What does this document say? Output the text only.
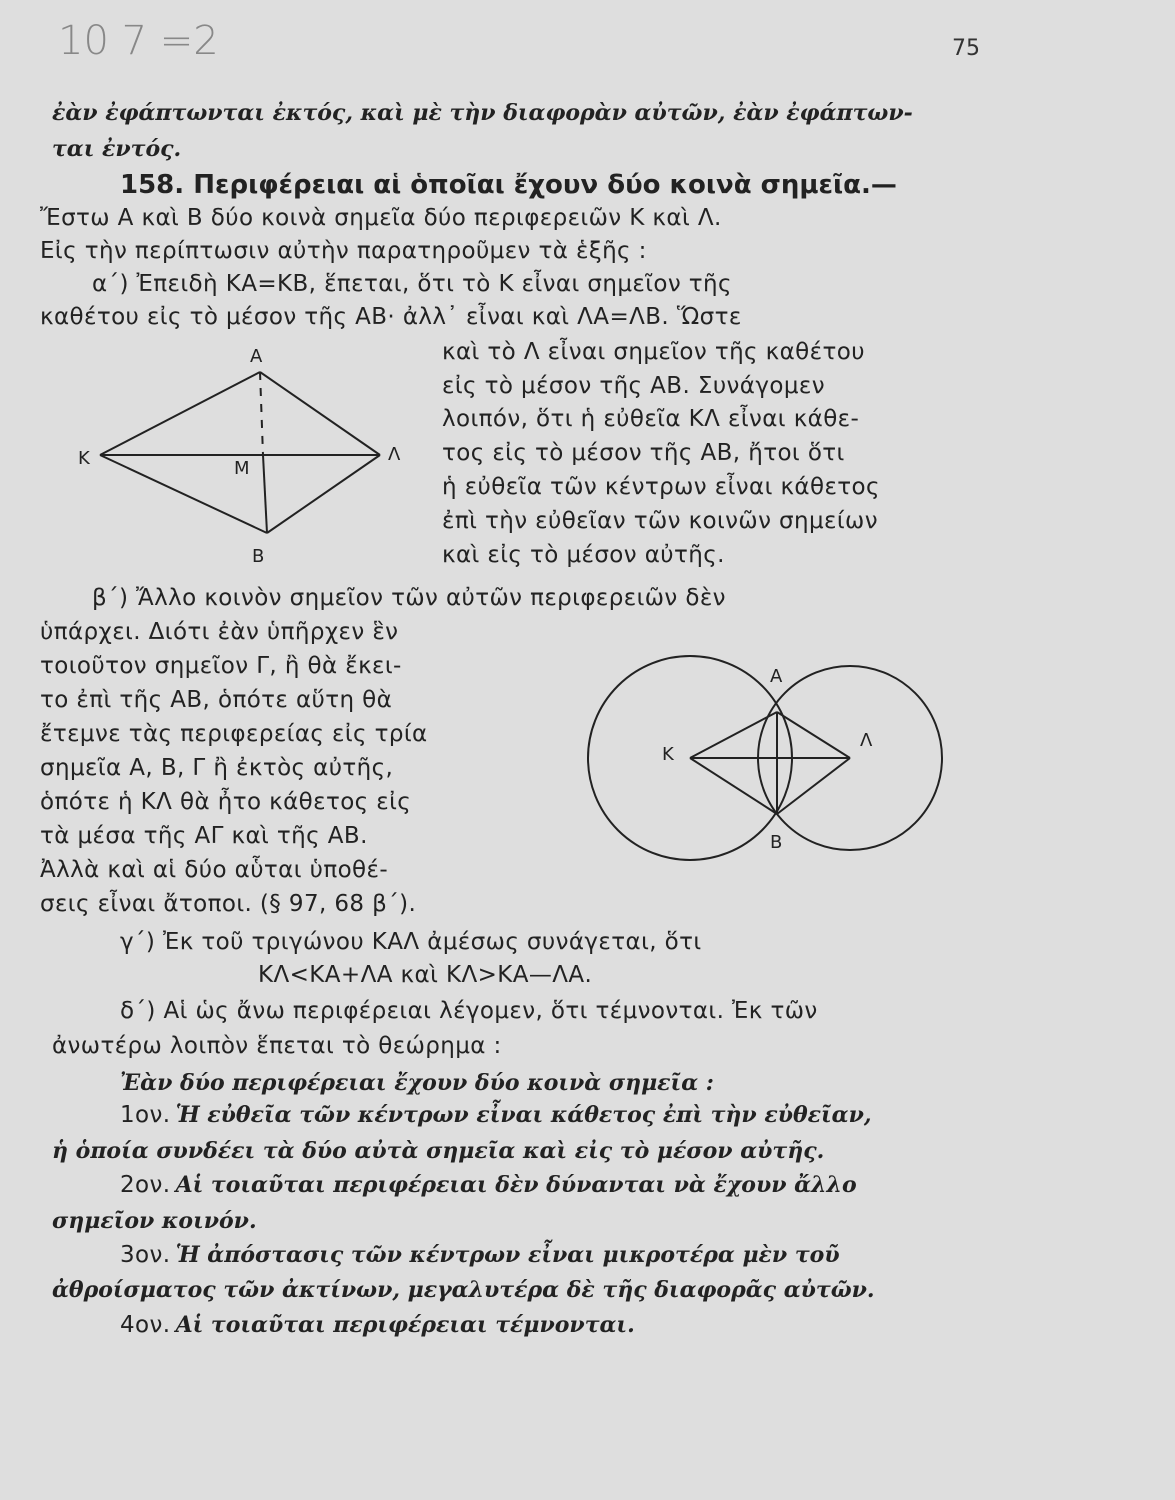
10 7 =2	75
ἐὰν ἐφάπτωνται ἐκτός, καὶ μὲ τὴν διαφορὰν αὐτῶν, ἐὰν ἐφάπτων-
ται ἐντός.
158. Περιφέρειαι αἱ ὁποῖαι ἔχουν δύο κοινὰ σημεῖα.—
Ἔστω Α καὶ Β δύο κοινὰ σημεῖα δύο περιφερειῶν Κ καὶ Λ.
Εἰς τὴν περίπτωσιν αὐτὴν παρατηροῦμεν τὰ ἑξῆς :
α΄) Ἐπειδὴ ΚΑ=ΚΒ, ἕπεται, ὅτι τὸ Κ εἶναι σημεῖον τῆς
καθέτου εἰς τὸ μέσον τῆς ΑΒ· ἀλλ᾽ εἶναι καὶ ΛΑ=ΛΒ. Ὥστε
καὶ τὸ Λ εἶναι σημεῖον τῆς καθέτου
εἰς τὸ μέσον τῆς ΑΒ. Συνάγομεν
λοιπόν, ὅτι ἡ εὐθεῖα ΚΛ εἶναι κάθε-
τος εἰς τὸ μέσον τῆς ΑΒ, ἤτοι ὅτι
ἡ εὐθεῖα τῶν κέντρων εἶναι κάθετος
ἐπὶ τὴν εὐθεῖαν τῶν κοινῶν σημείων
καὶ εἰς τὸ μέσον αὐτῆς.
Α
Κ	Λ
Μ
Β
β΄) Ἄλλο κοινὸν σημεῖον τῶν αὐτῶν περιφερειῶν δὲν
ὑπάρχει. Διότι ἐὰν ὑπῆρχεν ἓν
τοιοῦτον σημεῖον Γ, ἢ θὰ ἔκει-
το ἐπὶ τῆς ΑΒ, ὁπότε αὕτη θὰ
ἔτεμνε τὰς περιφερείας εἰς τρία
σημεῖα Α, Β, Γ ἢ ἐκτὸς αὐτῆς,
ὁπότε ἡ ΚΛ θὰ ἦτο κάθετος εἰς
τὰ μέσα τῆς ΑΓ καὶ τῆς ΑΒ.
Ἀλλὰ καὶ αἱ δύο αὗται ὑποθέ-
σεις εἶναι ἄτοποι. (§ 97, 68 β΄).
Α
Κ
Λ
Β
γ΄) Ἐκ τοῦ τριγώνου ΚΑΛ ἀμέσως συνάγεται, ὅτι
ΚΛ<ΚΑ+ΛΑ καὶ ΚΛ>ΚΑ—ΛΑ.
δ΄) Αἱ ὡς ἄνω περιφέρειαι λέγομεν, ὅτι τέμνονται. Ἐκ τῶν
ἀνωτέρω λοιπὸν ἕπεται τὸ θεώρημα :
Ἐὰν δύο περιφέρειαι ἔχουν δύο κοινὰ σημεῖα :
1ον. Ἡ εὐθεῖα τῶν κέντρων εἶναι κάθετος ἐπὶ τὴν εὐθεῖαν,
ἡ ὁποία συνδέει τὰ δύο αὐτὰ σημεῖα καὶ εἰς τὸ μέσον αὐτῆς.
2ον. Αἱ τοιαῦται περιφέρειαι δὲν δύνανται νὰ ἔχουν ἄλλο
σημεῖον κοινόν.
3ον. Ἡ ἀπόστασις τῶν κέντρων εἶναι μικροτέρα μὲν τοῦ
ἀθροίσματος τῶν ἀκτίνων, μεγαλυτέρα δὲ τῆς διαφορᾶς αὐτῶν.
4ον. Αἱ τοιαῦται περιφέρειαι τέμνονται.
